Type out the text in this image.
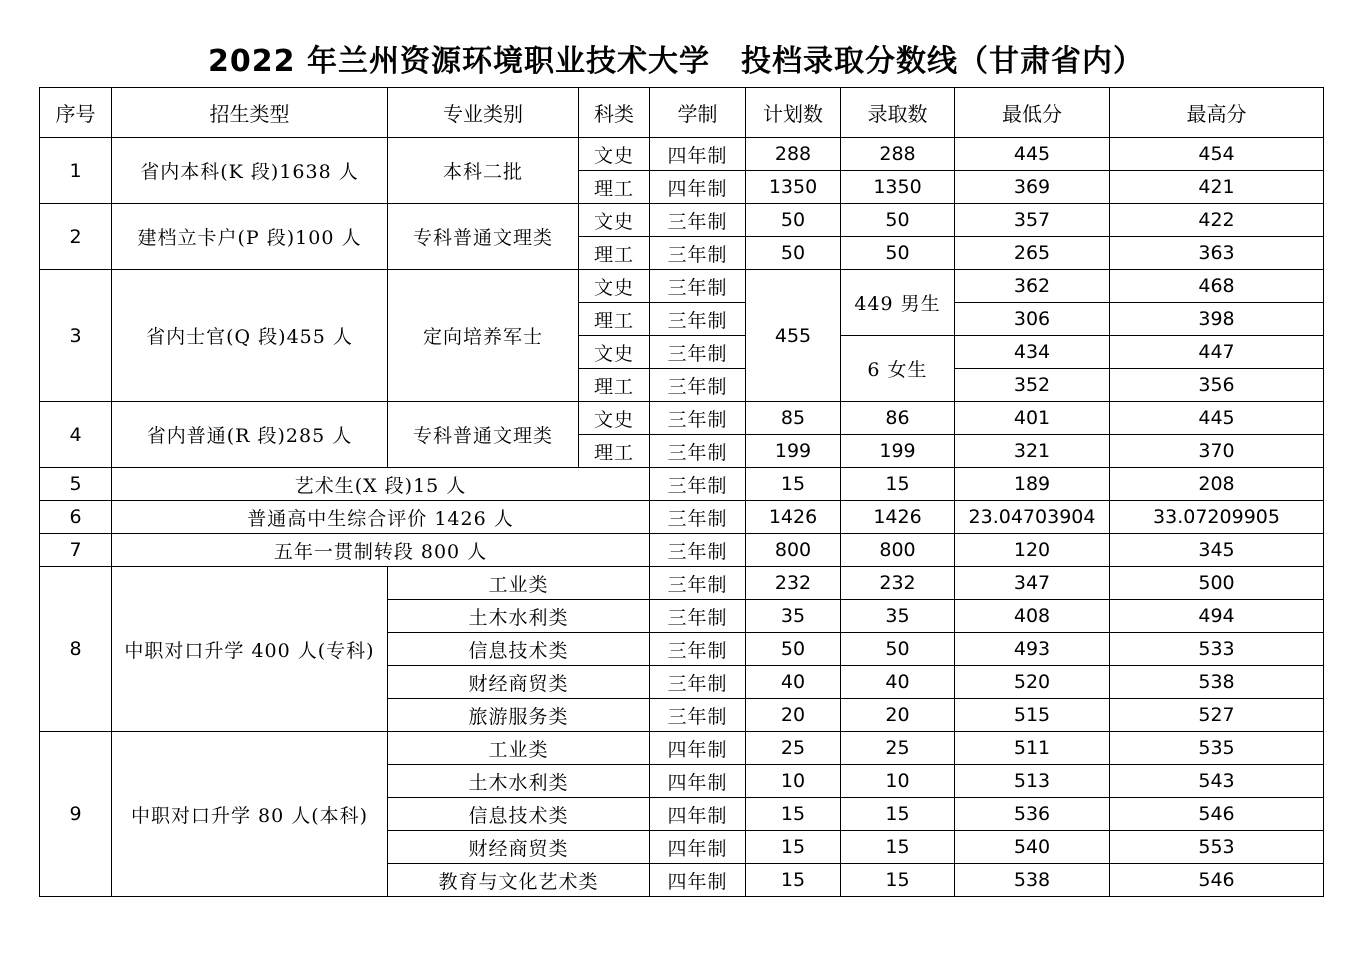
2022 年兰州资源环境职业技术大学　投档录取分数线（甘肃省内）
序号	招生类型	专业类别	科类	学制	计划数	录取数	最低分	最高分
1	省内本科(K 段)1638 人	本科二批	文史	四年制	288	288	445	454
			理工	四年制	1350	1350	369	421
2	建档立卡户(P 段)100 人	专科普通文理类	文史	三年制	50	50	357	422
			理工	三年制	50	50	265	363
3	省内士官(Q 段)455 人	定向培养军士	文史	三年制	455	449 男生	362	468
			理工	三年制			306	398
			文史	三年制		6 女生	434	447
			理工	三年制			352	356
4	省内普通(R 段)285 人	专科普通文理类	文史	三年制	85	86	401	445
			理工	三年制	199	199	321	370
5	艺术生(X 段)15 人			三年制	15	15	189	208
6	普通高中生综合评价 1426 人			三年制	1426	1426	23.04703904	33.07209905
7	五年一贯制转段 800 人			三年制	800	800	120	345
8	中职对口升学 400 人(专科)	工业类		三年制	232	232	347	500
		土木水利类		三年制	35	35	408	494
		信息技术类		三年制	50	50	493	533
		财经商贸类		三年制	40	40	520	538
		旅游服务类		三年制	20	20	515	527
9	中职对口升学 80 人(本科)	工业类		四年制	25	25	511	535
		土木水利类		四年制	10	10	513	543
		信息技术类		四年制	15	15	536	546
		财经商贸类		四年制	15	15	540	553
		教育与文化艺术类		四年制	15	15	538	546
